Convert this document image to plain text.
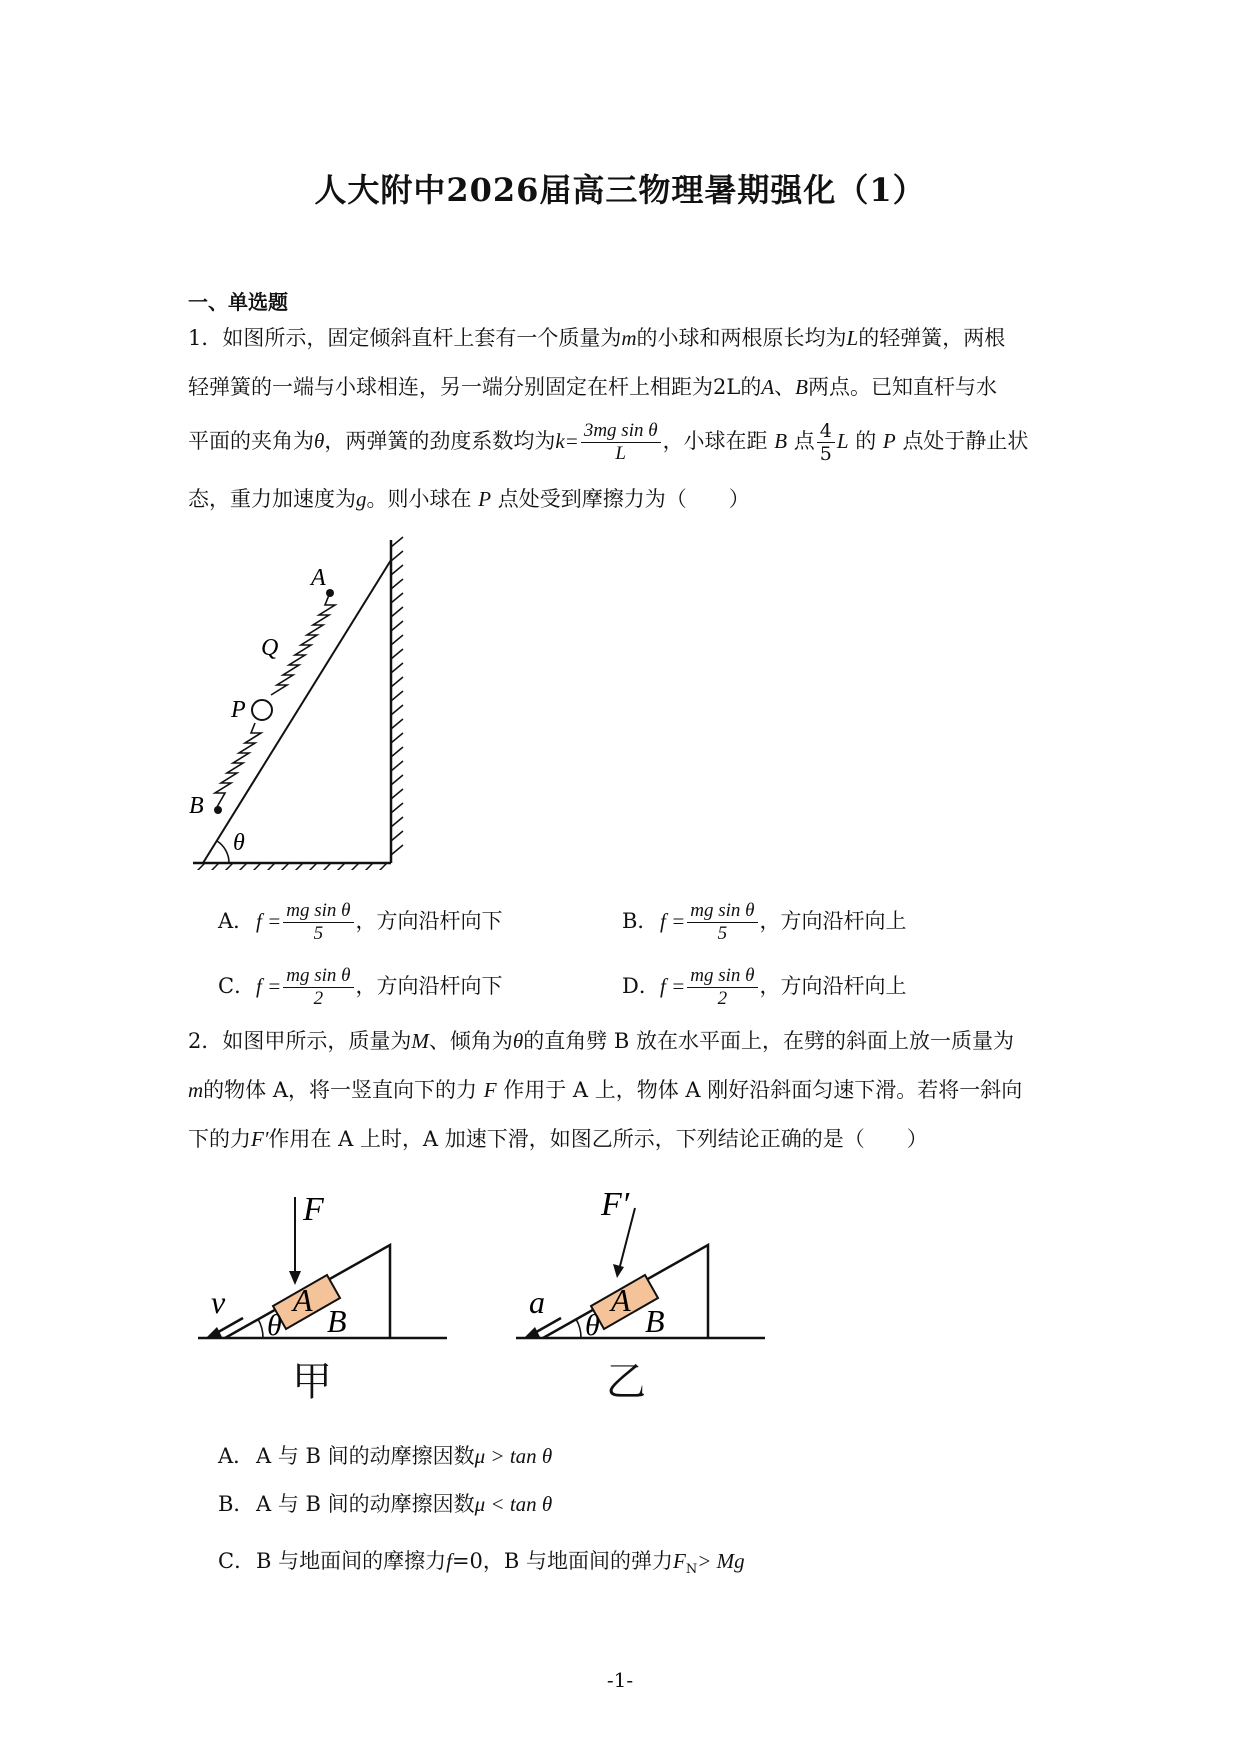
人大附中2026届高三物理暑期强化（1）
一、单选题
1．如图所示，固定倾斜直杆上套有一个质量为m的小球和两根原长均为L的轻弹簧，两根
轻弹簧的一端与小球相连，另一端分别固定在杆上相距为2L的A、B两点。已知直杆与水
平面的夹角为θ，两弹簧的劲度系数均为$k= \frac{\text{3mg sin θ}}{L}$ ，小球在距 B 点 $\frac{4}{5}$ L 的 P 点处于静止状
态，重力加速度为g。则小球在 P 点处受到摩擦力为（　　）
A
Q
P
B
θ
A．$f = \frac{\text{mg sin θ}}{5}$ ，方向沿杆向下	B．$f = \frac{\text{mg sin θ}}{5}$ ，方向沿杆向上
C．$f = \frac{\text{mg sin θ}}{2}$ ，方向沿杆向下	D．$f = \frac{\text{mg sin θ}}{2}$ ，方向沿杆向上
2．如图甲所示，质量为M、倾角为θ的直角劈 B 放在水平面上，在劈的斜面上放一质量为
m的物体 A，将一竖直向下的力 F 作用于 A 上，物体 A 刚好沿斜面匀速下滑。若将一斜向
下的力F′作用在 A 上时，A 加速下滑，如图乙所示，下列结论正确的是（　　）
F
A
B
v
θ
甲
F′
A
B
a
θ
乙
A．A 与 B 间的动摩擦因数μ > tan θ
B．A 与 B 间的动摩擦因数μ < tan θ
C．B 与地面间的摩擦力f=0，B 与地面间的弹力$F_N> Mg$
-1-
